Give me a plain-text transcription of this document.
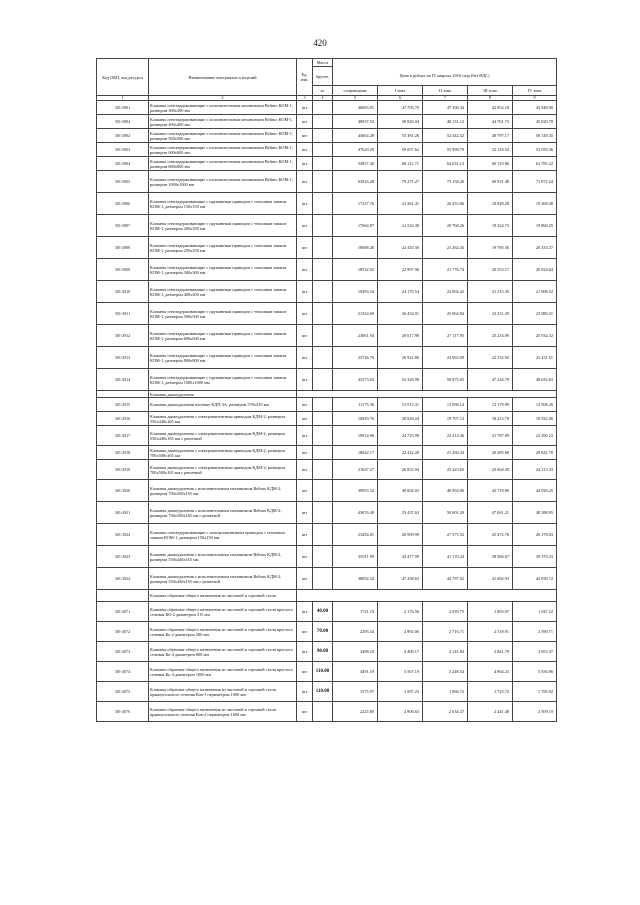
420
Код ОКП, код ресурса	Наименование материалов и изделий	Ед. изм.	Масса					
			брутто,	Цена в рублях на IV квартал 2016 года (без НДС)				
			кг	сопроводная	I зона	II зона	III зона	IV зона
1	2	3	4	5	6	7	8	9
301-2901	Клапаны огнезадерживающие с исполнительным механизмом Belimo КОМ-1, размером 300х300 мм	шт		46065.91	47 705.79	47 106.34	42 852.18	43 948.90
301-2904	Клапаны огнезадерживающие с исполнительным механизмом Belimo КОМ-1, размером 400х400 мм	шт		40937.52	38 820.04	48 131.12	44 761.73	45 020.78
301-2902	Клапаны огнезадерживающие с исполнительным механизмом Belimo КОМ-1, размером 500х500 мм	шт		44664.28	55 381.26	52 442.32	48 797.17	56 149.35
301-2903	Клапаны огнезадерживающие с исполнительным механизмом Belimo КОМ-1, размером 600х600 мм	шт		47629.29	59 057.62	55 999.79	52 116.54	53 559.46
301-2904	Клапаны огнезадерживающие с исполнительным механизмом Belimo КОМ-1, размером 800х800 мм	шт		54957.40	68 211.71	64 631.13	60 119.86	61 785.22
301-2905	Клапаны огнезадерживающие с исполнительным механизмом Belimo КОМ-1, размером 1000х1000 мм	шт		63925.28	79 271.27	75 158.20	69 931.48	71 872.24
301-2906	Клапаны огнезадерживающие с пружинным приводом с тепловым замком КОМ-1, размером 150х150 мм	шт		17227.76	21 361.41	20 253.06	18 849.28	19 369.48
301-2907	Клапаны огнезадерживающие с пружинным приводом с тепловым замком КОМ-1, размером 200х200 мм	шт		17664.87	21 532.38	20 768.26	19 324.73	19 860.25
301-2908	Клапаны огнезадерживающие с пружинным приводом с тепловым замком КОМ-1, размером 250х250 мм	шт		18088.40	22 435.30	21 262.43	19 785.56	20 333.37
301-2909	Клапаны огнезадерживающие с пружинным приводом с тепловым замком КОМ-1, размером 300х300 мм	шт		18532.02	22 997.96	21 776.74	20 253.17	20 824.64
301-2910	Клапаны огнезадерживающие с пружинным приводом с тепловым замком КОМ-1, размером 400х400 мм	шт		19493.54	24 170.54	22 902.42	21 315.39	21 906.52
301-2911	Клапаны огнезадерживающие с пружинным приводом с тепловым замком КОМ-1, размером 500х500 мм	шт		21334.69	26 454.91	25 064.84	23 331.29	23 980.31
301-2912	Клапаны огнезадерживающие с пружинным приводом с тепловым замком КОМ-1, размером 600х600 мм	шт		23061.94	28 617.98	27 117.95	25 233.09	25 932.32
301-2913	Клапаны огнезадерживающие с пружинным приводом с тепловым замком КОМ-1, размером 800х800 мм	шт		23726.76	26 921.80	24 963.09	22 532.92	23 431.51
301-2914	Клапаны огнезадерживающие с пружинным приводом с тепловым замком КОМ-1, размером 1000х1000 мм	шт		43273.03	52 328.98	50 875.05	47 244.79	48 632.63
	Клапаны дымоудаления							
301-2915	Клапаны дымоудаления плотные КДП-3А, размером 570х410 мм	шт		11175.30	13 913.31	13 096.14	12 179.99	12 508.26
301-2916	Клапаны дымоудаления с электромагнитным приводом КДМ-2, размером 550х440х165 мм	шт		16829.76	20 826.24	19 797.12	18 413.79	18 922.06
301-2917	Клапаны дымоудаления с электромагнитным приводом КДМ-2, размером 550х440х165 мм с решеткой	шт		19914.96	24 725.99	23 414.46	21 787.09	22 390.23
301-2918	Клапаны дымоудаления с электромагнитным приводом КДМ-2, размером 700х500х165 мм	шт		18042.17	22 422.20	21 260.34	20 285.66	20 842.78
301-2919	Клапаны дымоудаления с электромагнитным приводом КДМ-2, размером 700х500х165 мм с решеткой	шт		21637.27	26 852.94	25 423.65	23 664.29	24 313.33
301-2920	Клапаны дымоудаления с исполнительным механизмом Belimo КДМ-2, размером 700х500х165 мм	шт		39953.32	49 602.03	46 994.00	43 719.80	44 920.25
301-2921	Клапаны дымоудаления с исполнительным механизмом Belimo КДМ-2, размером 700х500х165 мм с решеткой	шт		43076.49	53 437.63	50 601.29	47 061.21	48 388.95
301-2922	Клапаны огнезадерживающие с электромагнитным приводом с тепловым замком КОМ-1, размером 150х150 мм	шт		23284.01	28 909.99	27 375.52	25 472.76	26 178.63
301-2923	Клапаны дымоудаления с исполнительным механизмом Belimo КДМ-2, размером 550х440х165 мм	шт		35011.99	43 477.99	41 170.24	38 306.67	39 379.23
301-2924	Клапаны дымоудаления с исполнительным механизмом Belimo КДМ-2, размером 550х440х165 мм с решеткой	шт		38092.24	47 298.63	44 797.02	41 682.93	42 839.72
	Клапаны обратные общего назначения из листовой и сортовой стали							
301-2071	Клапаны обратные общего назначения из листовой и сортовой стали круглого сечения КО-2 диаметром 315 мм	шт	40.00	1721.19	2 176.56	2 039.75	1 893.97	1 947.52
301-2072	Клапаны обратные общего назначения из листовой и сортовой стали круглого сечения Ко-2 диаметром 500 мм	шт	70.00	2293.34	2 892.06	2 716.71	2 518.91	2 590.71
301-2073	Клапаны обратные общего назначения из листовой и сортовой стали круглого сечения Ко-4 диаметром 800 мм	шт	98.00	3496.18	4 409.17	4 141.84	3 841.79	3 953.37
301-2074	Клапаны обратные общего назначения из листовой и сортовой стали круглого сечения Ко-4 диаметром 1000 мм	шт	110.00	4491.19	5 567.19	5 248.54	4 864.23	5 036.96
301-2075	Клапаны обратные общего назначения из листовой и сортовой стали прямоугольного сечения Ков-1 периметром 1000 мм	шт	110.00	1575.97	1 997.23	1 866.72	1 723.72	1 785.92
301-2076	Клапаны обратные общего назначения из листовой и сортовой стали прямоугольного сечения Ков-2 периметром 1600 мм	шт		2225.80	2 806.63	2 634.47	2 441.48	2 509.19
